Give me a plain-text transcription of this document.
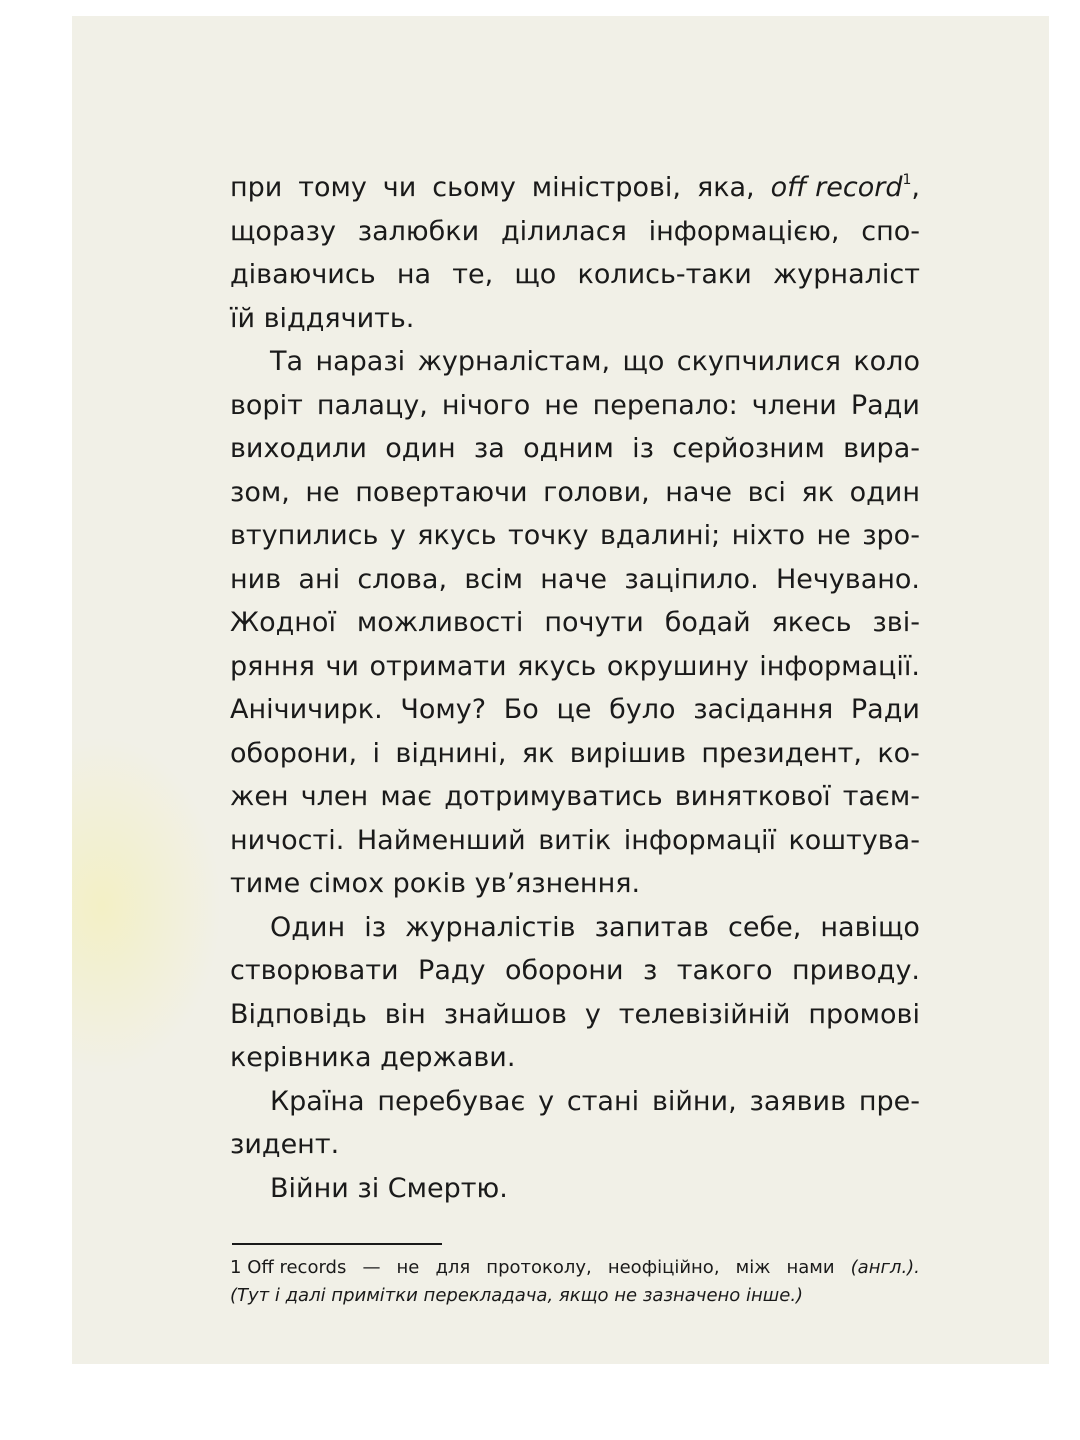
при тому чи сьому міністрові, яка, off record$^1$,
щоразу залюбки ділилася інформацією, спо-
діваючись на те, що колись-таки журналіст
їй віддячить.
Та наразі журналістам, що скупчилися коло
воріт палацу, нічого не перепало: члени Ради
виходили один за одним із серйозним вира-
зом, не повертаючи голови, наче всі як один
втупились у якусь точку вдалині; ніхто не зро-
нив ані слова, всім наче заціпило. Нечувано.
Жодної можливості почути бодай якесь зві-
ряння чи отримати якусь окрушину інформації.
Анічичирк. Чому? Бо це було засідання Ради
оборони, і віднині, як вирішив президент, ко-
жен член має дотримуватись виняткової таєм-
ничості. Найменший витік інформації коштува-
тиме сімох років ув’язнення.
Один із журналістів запитав себе, навіщо
створювати Раду оборони з такого приводу.
Відповідь він знайшов у телевізійній промові
керівника держави.
Країна перебуває у стані війни, заявив пре-
зидент.
Війни зі Смертю.
1 Off records — не для протоколу, неофіційно, між нами (англ.).
(Тут і далі примітки перекладача, якщо не зазначено інше.)
